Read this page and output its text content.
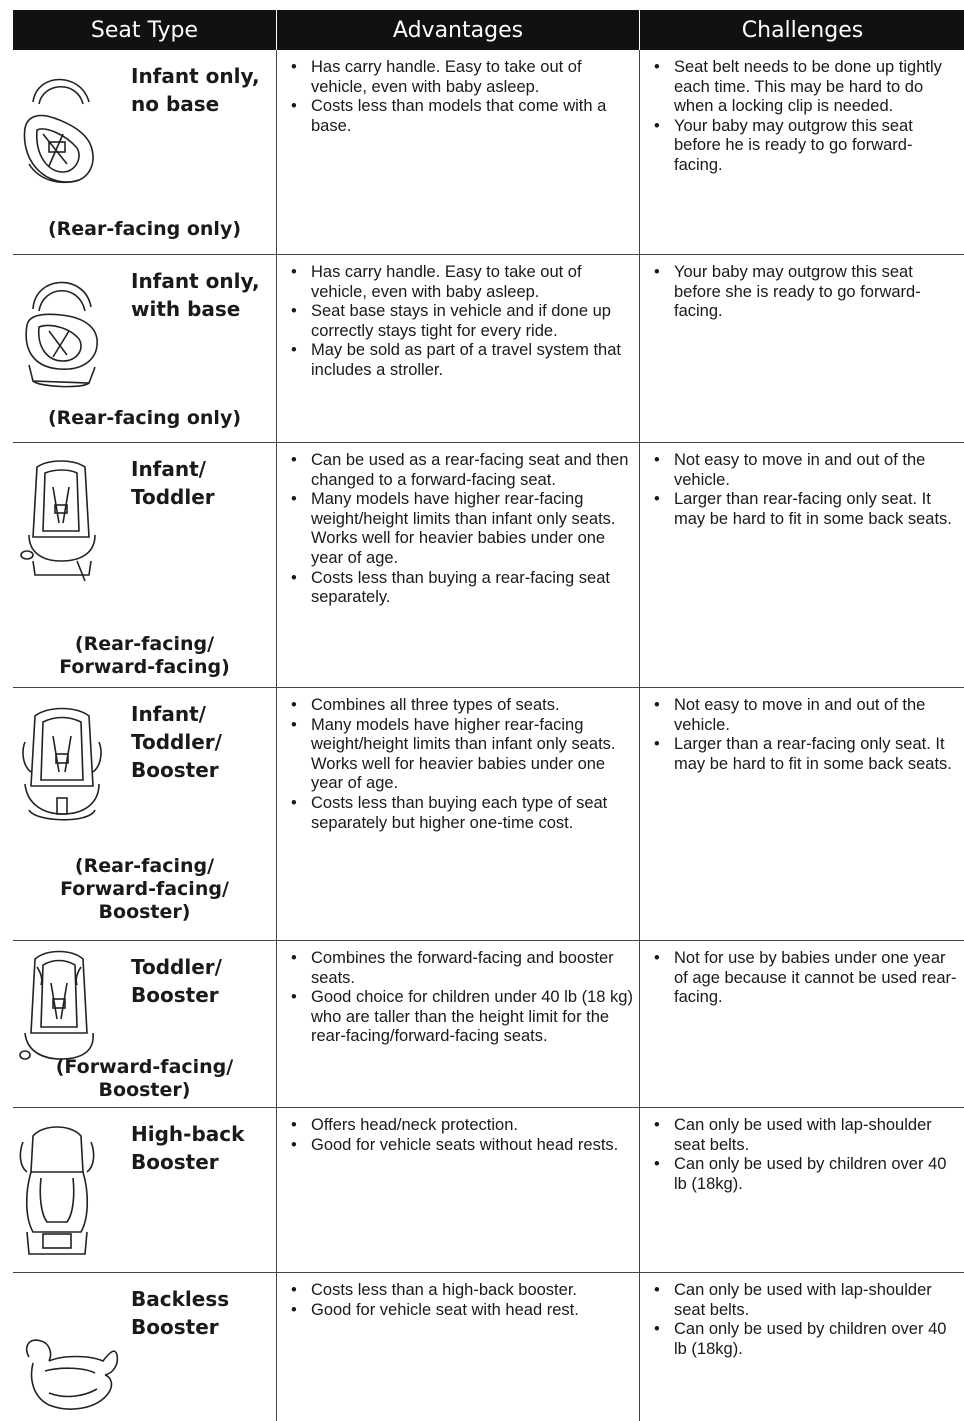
Seat Type	Advantages	Challenges
Infant only,
no base
(Rear-facing only)
• Has carry handle. Easy to take out of vehicle, even with baby asleep.
• Costs less than models that come with a base.
• Seat belt needs to be done up tightly each time. This may be hard to do when a locking clip is needed.
• Your baby may outgrow this seat before he is ready to go forward-facing.
Infant only,
with base
(Rear-facing only)
• Has carry handle. Easy to take out of vehicle, even with baby asleep.
• Seat base stays in vehicle and if done up correctly stays tight for every ride.
• May be sold as part of a travel system that includes a stroller.
• Your baby may outgrow this seat before she is ready to go forward-facing.
Infant/
Toddler
(Rear-facing/
Forward-facing)
• Can be used as a rear-facing seat and then changed to a forward-facing seat.
• Many models have higher rear-facing weight/height limits than infant only seats. Works well for heavier babies under one year of age.
• Costs less than buying a rear-facing seat separately.
• Not easy to move in and out of the vehicle.
• Larger than rear-facing only seat. It may be hard to fit in some back seats.
Infant/
Toddler/
Booster
(Rear-facing/
Forward-facing/
Booster)
• Combines all three types of seats.
• Many models have higher rear-facing weight/height limits than infant only seats. Works well for heavier babies under one year of age.
• Costs less than buying each type of seat separately but higher one-time cost.
• Not easy to move in and out of the vehicle.
• Larger than a rear-facing only seat. It may be hard to fit in some back seats.
Toddler/
Booster
(Forward-facing/
Booster)
• Combines the forward-facing and booster seats.
• Good choice for children under 40 lb (18 kg) who are taller than the height limit for the rear-facing/forward-facing seats.
• Not for use by babies under one year of age because it cannot be used rear-facing.
High-back
Booster
• Offers head/neck protection.
• Good for vehicle seats without head rests.
• Can only be used with lap-shoulder seat belts.
• Can only be used by children over 40 lb (18kg).
Backless
Booster
• Costs less than a high-back booster.
• Good for vehicle seat with head rest.
• Can only be used with lap-shoulder seat belts.
• Can only be used by children over 40 lb (18kg).
